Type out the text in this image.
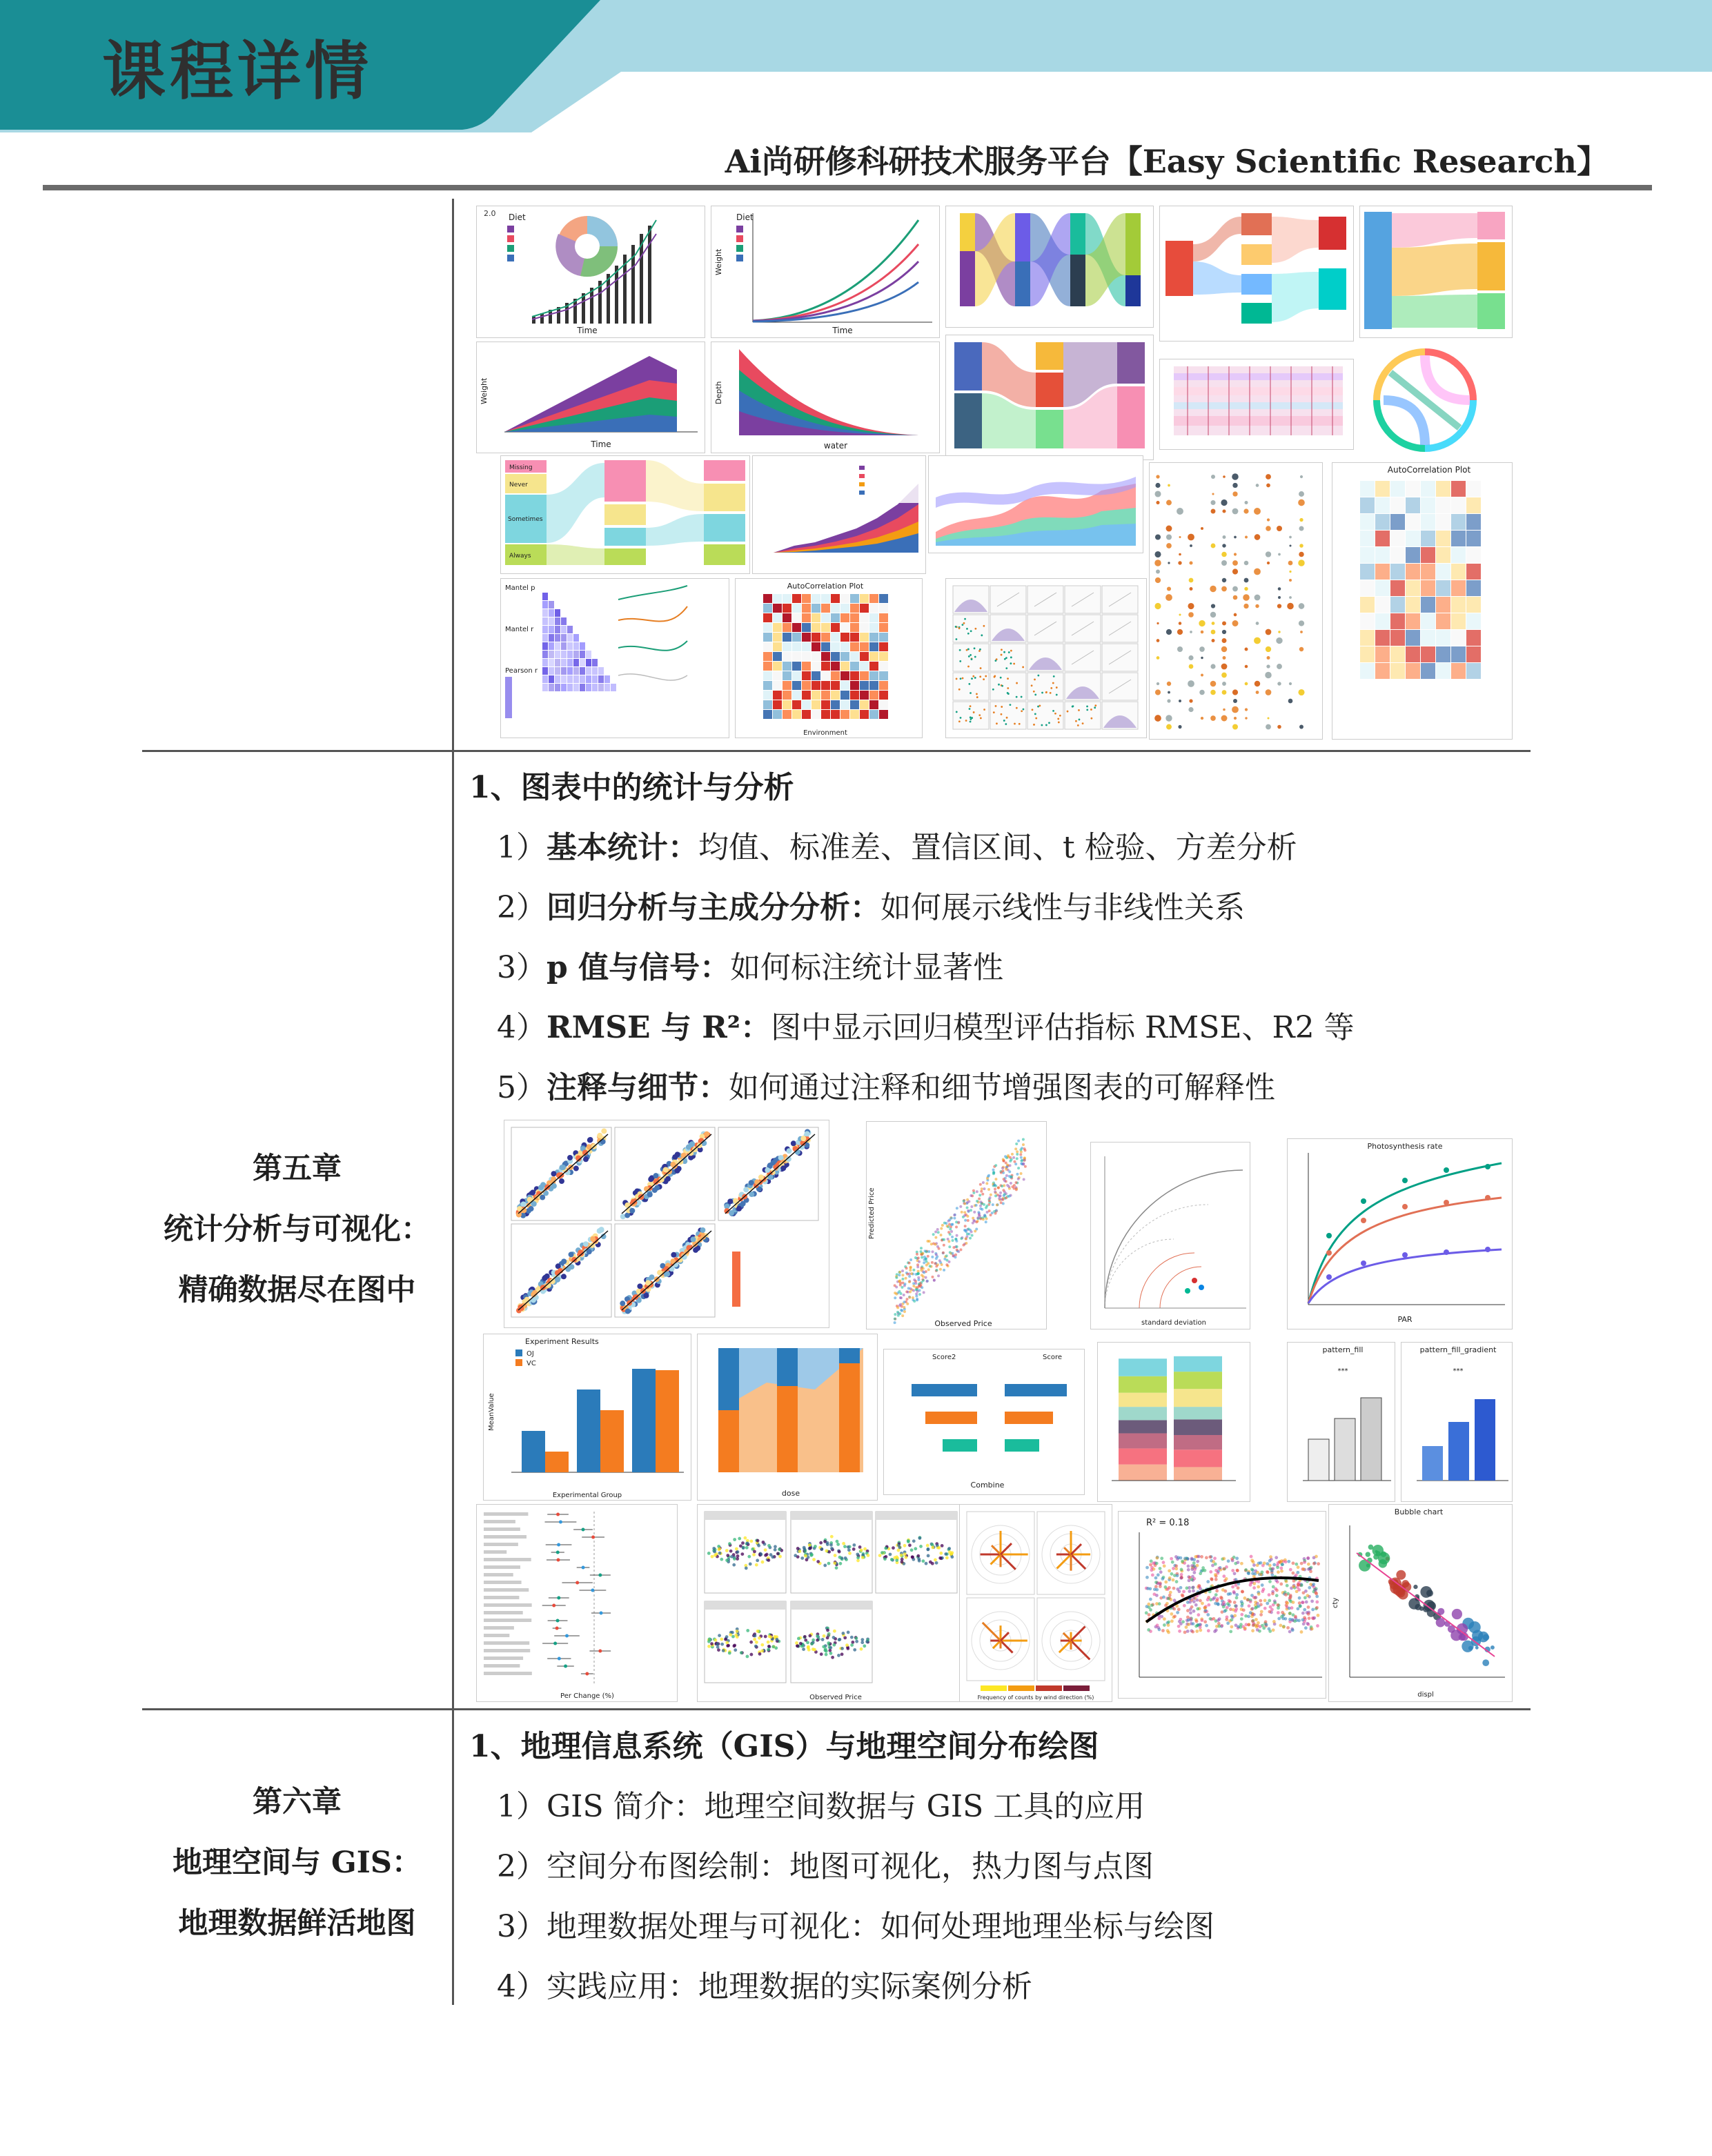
课程详情
Ai尚研修科研技术服务平台【Easy Scientific Research】
2.0 Diet
Time
Diet
Time
Weight
Time
Weight
water
Depth
Missing
Never
Sometimes
Always
AutoCorrelation Plot
Mantel p
Mantel r
Pearson r
AutoCorrelation Plot
Environment
第五章
统计分析与可视化：
精确数据尽在图中
1、图表中的统计与分析
1）基本统计：均值、标准差、置信区间、t 检验、方差分析
2）回归分析与主成分分析：如何展示线性与非线性关系
3）p 值与信号：如何标注统计显著性
4）RMSE 与 R²：图中显示回归模型评估指标 RMSE、R2 等
5）注释与细节：如何通过注释和细节增强图表的可解释性
Observed Price
Predicted Price
standard deviation
Photosynthesis rate
PAR
Experiment Results
OJ
VC
Experimental Group
MeanValue
dose
Score2	Score
Combine
pattern_fill
***
pattern_fill_gradient
***
Per Change (%)	Observed Price	Frequency of counts by wind direction (%)
R² = 0.18
Bubble chart
displ
cty
第六章
地理空间与 GIS：
地理数据鲜活地图
1、地理信息系统（GIS）与地理空间分布绘图
1）GIS 简介：地理空间数据与 GIS 工具的应用
2）空间分布图绘制：地图可视化，热力图与点图
3）地理数据处理与可视化：如何处理地理坐标与绘图
4）实践应用：地理数据的实际案例分析
